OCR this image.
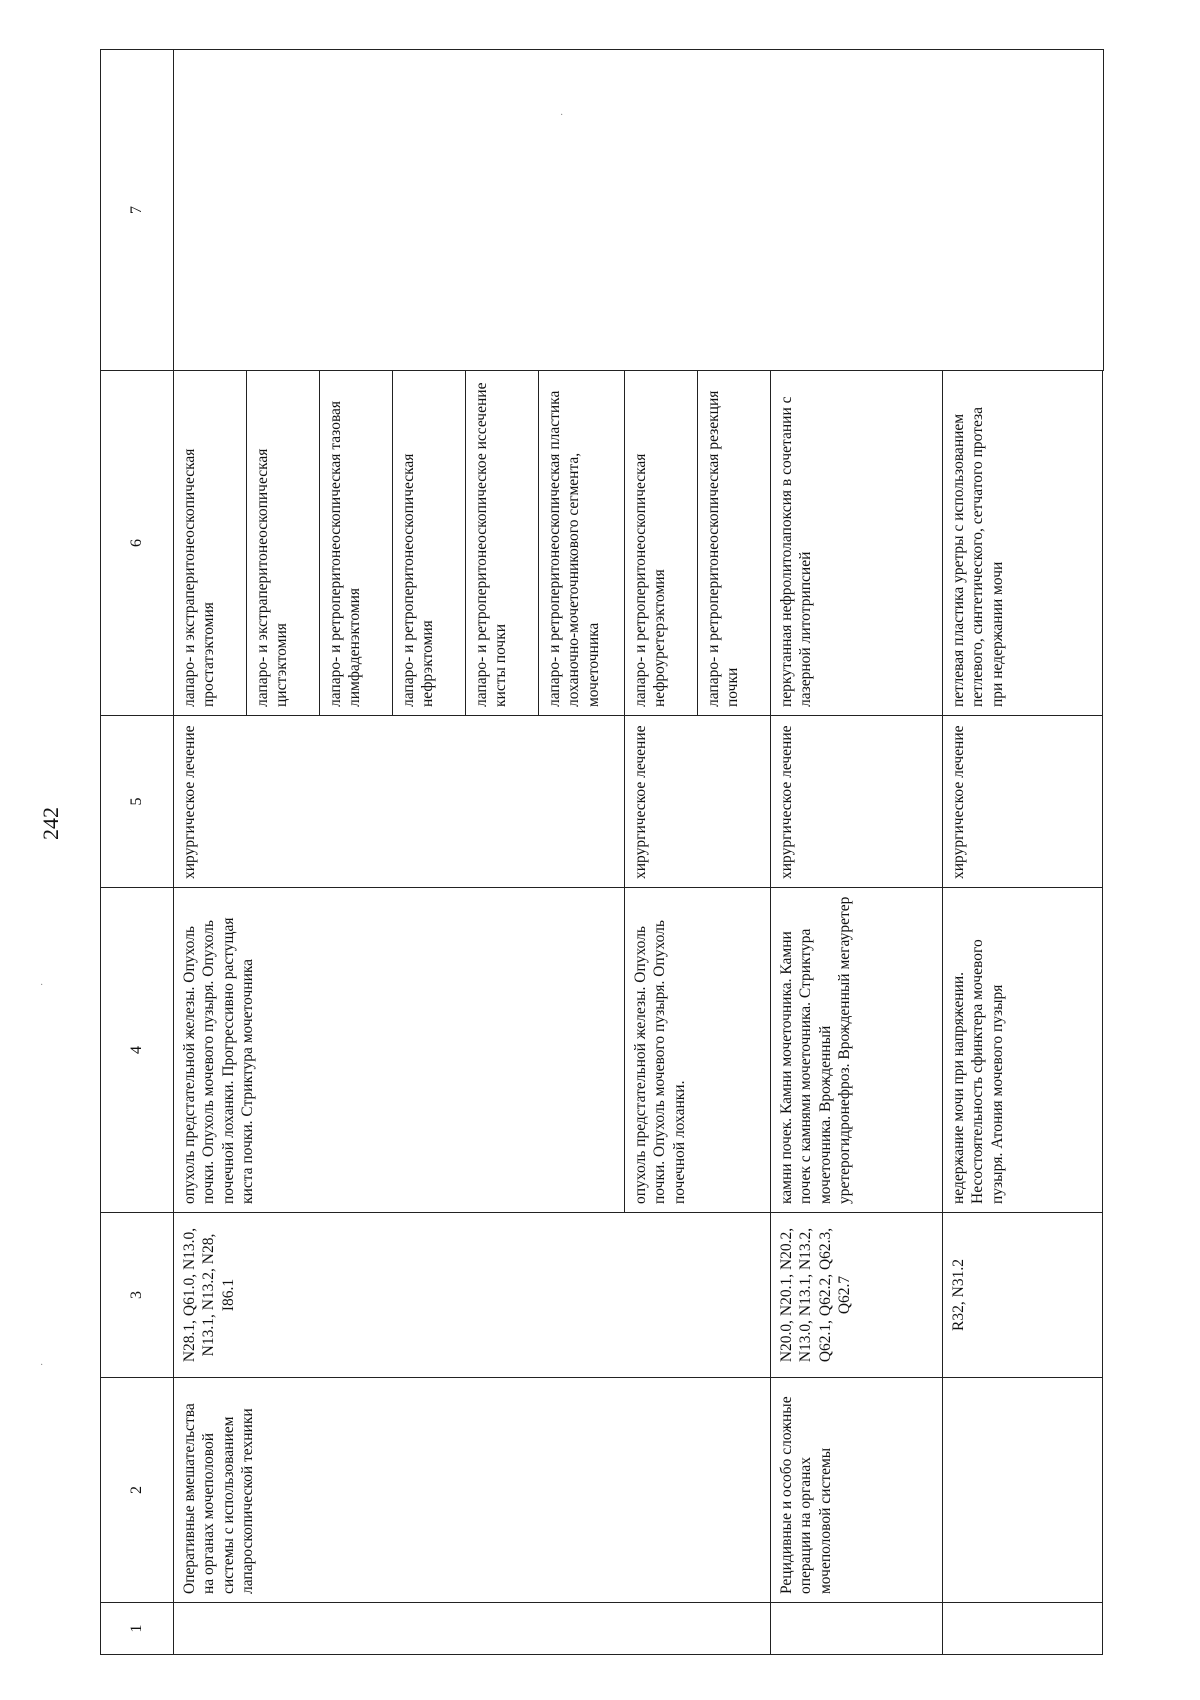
242
·
·
·
1	2	3	4	5	6	7
	Оперативные вмешательства на органах мочеполовой системы с использованием лапароскопической техники	N28.1, Q61.0, N13.0, N13.1, N13.2, N28, I86.1	опухоль предстательной железы. Опухоль почки. Опухоль мочевого пузыря. Опухоль почечной лоханки. Прогрессивно растущая киста почки. Стриктура мочеточника	хирургическое лечение	лапаро- и экстраперитонеоскопическая простатэктомия	
					лапаро- и экстраперитонеоскопическая цистэктомия	
					лапаро- и ретроперитонеоскопическая тазовая лимфаденэктомия	
					лапаро- и ретроперитонеоскопическая нефрэктомия	
					лапаро- и ретроперитонеоскопическое иссечение кисты почки	
					лапаро- и ретроперитонеоскопическая пластика лоханочно-мочеточникового сегмента, мочеточника	
			опухоль предстательной железы. Опухоль почки. Опухоль мочевого пузыря. Опухоль почечной лоханки.	хирургическое лечение	лапаро- и ретроперитонеоскопическая нефроуретерэктомия	
					лапаро- и ретроперитонеоскопическая резекция почки	
	Рецидивные и особо сложные операции на органах мочеполовой системы	N20.0, N20.1, N20.2, N13.0, N13.1, N13.2, Q62.1, Q62.2, Q62.3, Q62.7	камни почек. Камни мочеточника. Камни почек с камнями мочеточника. Стриктура мочеточника. Врожденный уретерогидронефроз. Врожденный мегауретер	хирургическое лечение	перкутанная нефролитолапоксия в сочетании с лазерной литотрипсией	
		R32, N31.2	недержание мочи при напряжении. Несостоятельность сфинктера мочевого пузыря. Атония мочевого пузыря	хирургическое лечение	петлевая пластика уретры с использованием петлевого, синтетического, сетчатого протеза при недержании мочи	
